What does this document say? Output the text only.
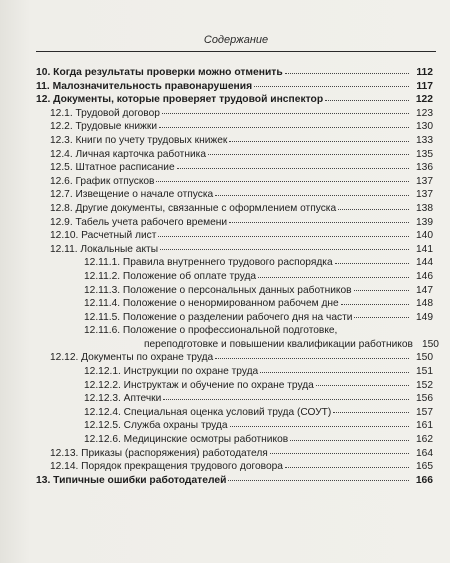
Содержание
10. Когда результаты проверки можно отменить	112
11. Малозначительность правонарушения	117
12. Документы, которые проверяет трудовой инспектор	122
12.1. Трудовой договор	123
12.2. Трудовые книжки	130
12.3. Книги по учету трудовых книжек	133
12.4. Личная карточка работника	135
12.5. Штатное расписание	136
12.6. График отпусков	137
12.7. Извещение о начале отпуска	137
12.8. Другие документы, связанные с оформлением отпуска	138
12.9. Табель учета рабочего времени	139
12.10. Расчетный лист	140
12.11. Локальные акты	141
12.11.1. Правила внутреннего трудового распорядка	144
12.11.2. Положение об оплате труда	146
12.11.3. Положение о персональных данных работников	147
12.11.4. Положение о ненормированном рабочем дне	148
12.11.5. Положение о разделении рабочего дня на части	149
12.11.6. Положение о профессиональной подготовке,
переподготовке и повышении квалификации работников 150
12.12. Документы по охране труда	150
12.12.1. Инструкции по охране труда	151
12.12.2. Инструктаж и обучение по охране труда	152
12.12.3. Аптечки	156
12.12.4. Специальная оценка условий труда (СОУТ)	157
12.12.5. Служба охраны труда	161
12.12.6. Медицинские осмотры работников	162
12.13. Приказы (распоряжения) работодателя	164
12.14. Порядок прекращения трудового договора	165
13. Типичные ошибки работодателей	166
